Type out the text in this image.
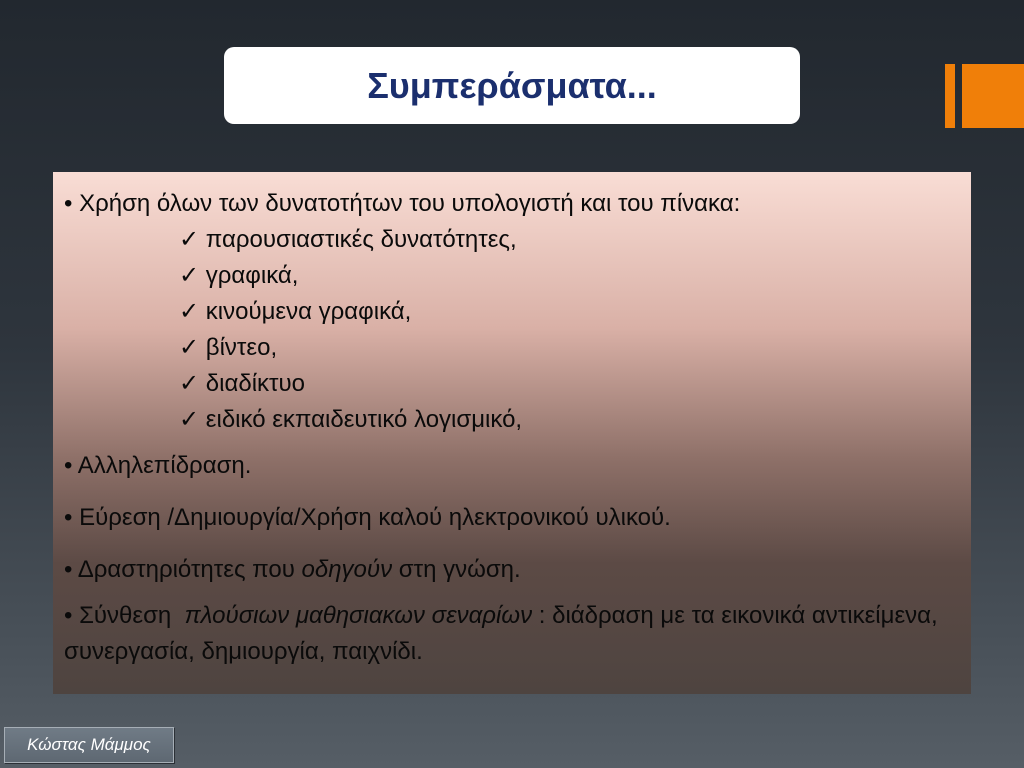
Συμπεράσματα...
• Χρήση όλων των δυνατοτήτων του υπολογιστή και του πίνακα:
✓ παρουσιαστικές δυνατότητες,
✓ γραφικά,
✓ κινούμενα γραφικά,
✓ βίντεο,
✓ διαδίκτυο
✓ ειδικό εκπαιδευτικό λογισμικό,
• Αλληλεπίδραση.
• Εύρεση /Δημιουργία/Χρήση καλού ηλεκτρονικού υλικού.
• Δραστηριότητες που οδηγούν στη γνώση.
• Σύνθεση πλούσιων μαθησιακων σεναρίων : διάδραση με τα εικονικά αντικείμενα, συνεργασία, δημιουργία, παιχνίδι.
Κώστας Μάμμος
